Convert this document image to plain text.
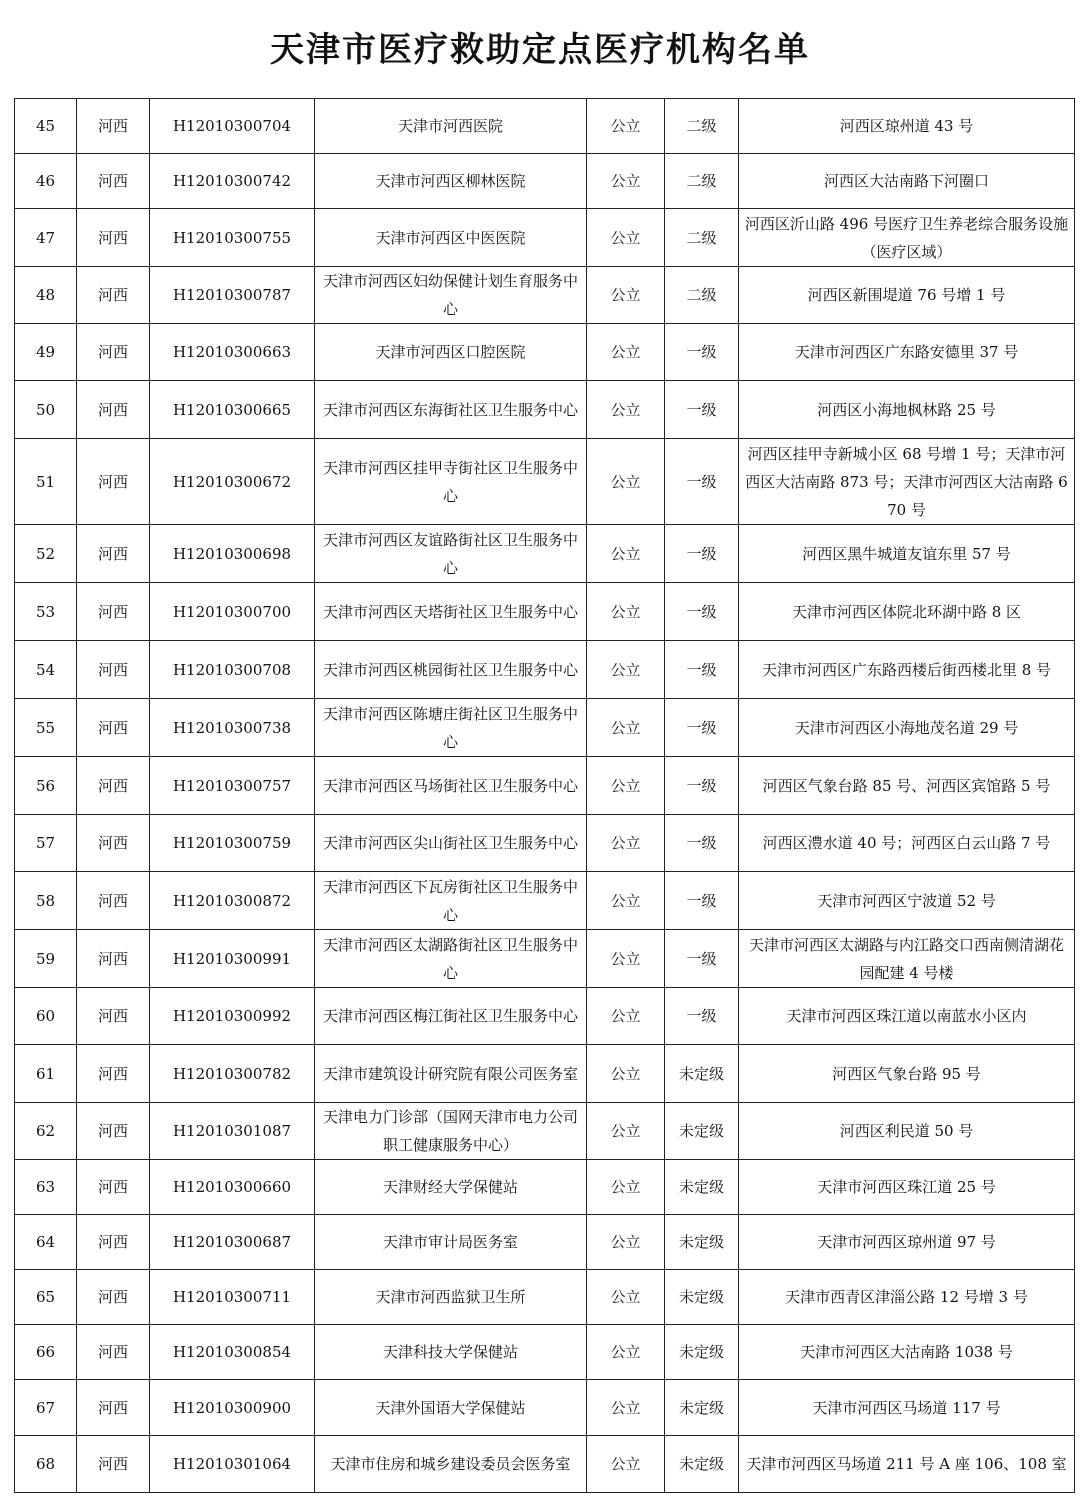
天津市医疗救助定点医疗机构名单
45	河西	H12010300704	天津市河西医院	公立	二级	河西区琼州道 43 号
46	河西	H12010300742	天津市河西区柳林医院	公立	二级	河西区大沽南路下河圈口
47	河西	H12010300755	天津市河西区中医医院	公立	二级	河西区沂山路 496 号医疗卫生养老综合服务设施（医疗区域）
48	河西	H12010300787	天津市河西区妇幼保健计划生育服务中心	公立	二级	河西区新围堤道 76 号增 1 号
49	河西	H12010300663	天津市河西区口腔医院	公立	一级	天津市河西区广东路安德里 37 号
50	河西	H12010300665	天津市河西区东海街社区卫生服务中心	公立	一级	河西区小海地枫林路 25 号
51	河西	H12010300672	天津市河西区挂甲寺街社区卫生服务中心	公立	一级	河西区挂甲寺新城小区 68 号增 1 号；天津市河西区大沽南路 873 号；天津市河西区大沽南路 670 号
52	河西	H12010300698	天津市河西区友谊路街社区卫生服务中心	公立	一级	河西区黑牛城道友谊东里 57 号
53	河西	H12010300700	天津市河西区天塔街社区卫生服务中心	公立	一级	天津市河西区体院北环湖中路 8 区
54	河西	H12010300708	天津市河西区桃园街社区卫生服务中心	公立	一级	天津市河西区广东路西楼后街西楼北里 8 号
55	河西	H12010300738	天津市河西区陈塘庄街社区卫生服务中心	公立	一级	天津市河西区小海地茂名道 29 号
56	河西	H12010300757	天津市河西区马场街社区卫生服务中心	公立	一级	河西区气象台路 85 号、河西区宾馆路 5 号
57	河西	H12010300759	天津市河西区尖山街社区卫生服务中心	公立	一级	河西区澧水道 40 号；河西区白云山路 7 号
58	河西	H12010300872	天津市河西区下瓦房街社区卫生服务中心	公立	一级	天津市河西区宁波道 52 号
59	河西	H12010300991	天津市河西区太湖路街社区卫生服务中心	公立	一级	天津市河西区太湖路与内江路交口西南侧清湖花园配建 4 号楼
60	河西	H12010300992	天津市河西区梅江街社区卫生服务中心	公立	一级	天津市河西区珠江道以南蓝水小区内
61	河西	H12010300782	天津市建筑设计研究院有限公司医务室	公立	未定级	河西区气象台路 95 号
62	河西	H12010301087	天津电力门诊部（国网天津市电力公司职工健康服务中心）	公立	未定级	河西区利民道 50 号
63	河西	H12010300660	天津财经大学保健站	公立	未定级	天津市河西区珠江道 25 号
64	河西	H12010300687	天津市审计局医务室	公立	未定级	天津市河西区琼州道 97 号
65	河西	H12010300711	天津市河西监狱卫生所	公立	未定级	天津市西青区津淄公路 12 号增 3 号
66	河西	H12010300854	天津科技大学保健站	公立	未定级	天津市河西区大沽南路 1038 号
67	河西	H12010300900	天津外国语大学保健站	公立	未定级	天津市河西区马场道 117 号
68	河西	H12010301064	天津市住房和城乡建设委员会医务室	公立	未定级	天津市河西区马场道 211 号 A 座 106、108 室
